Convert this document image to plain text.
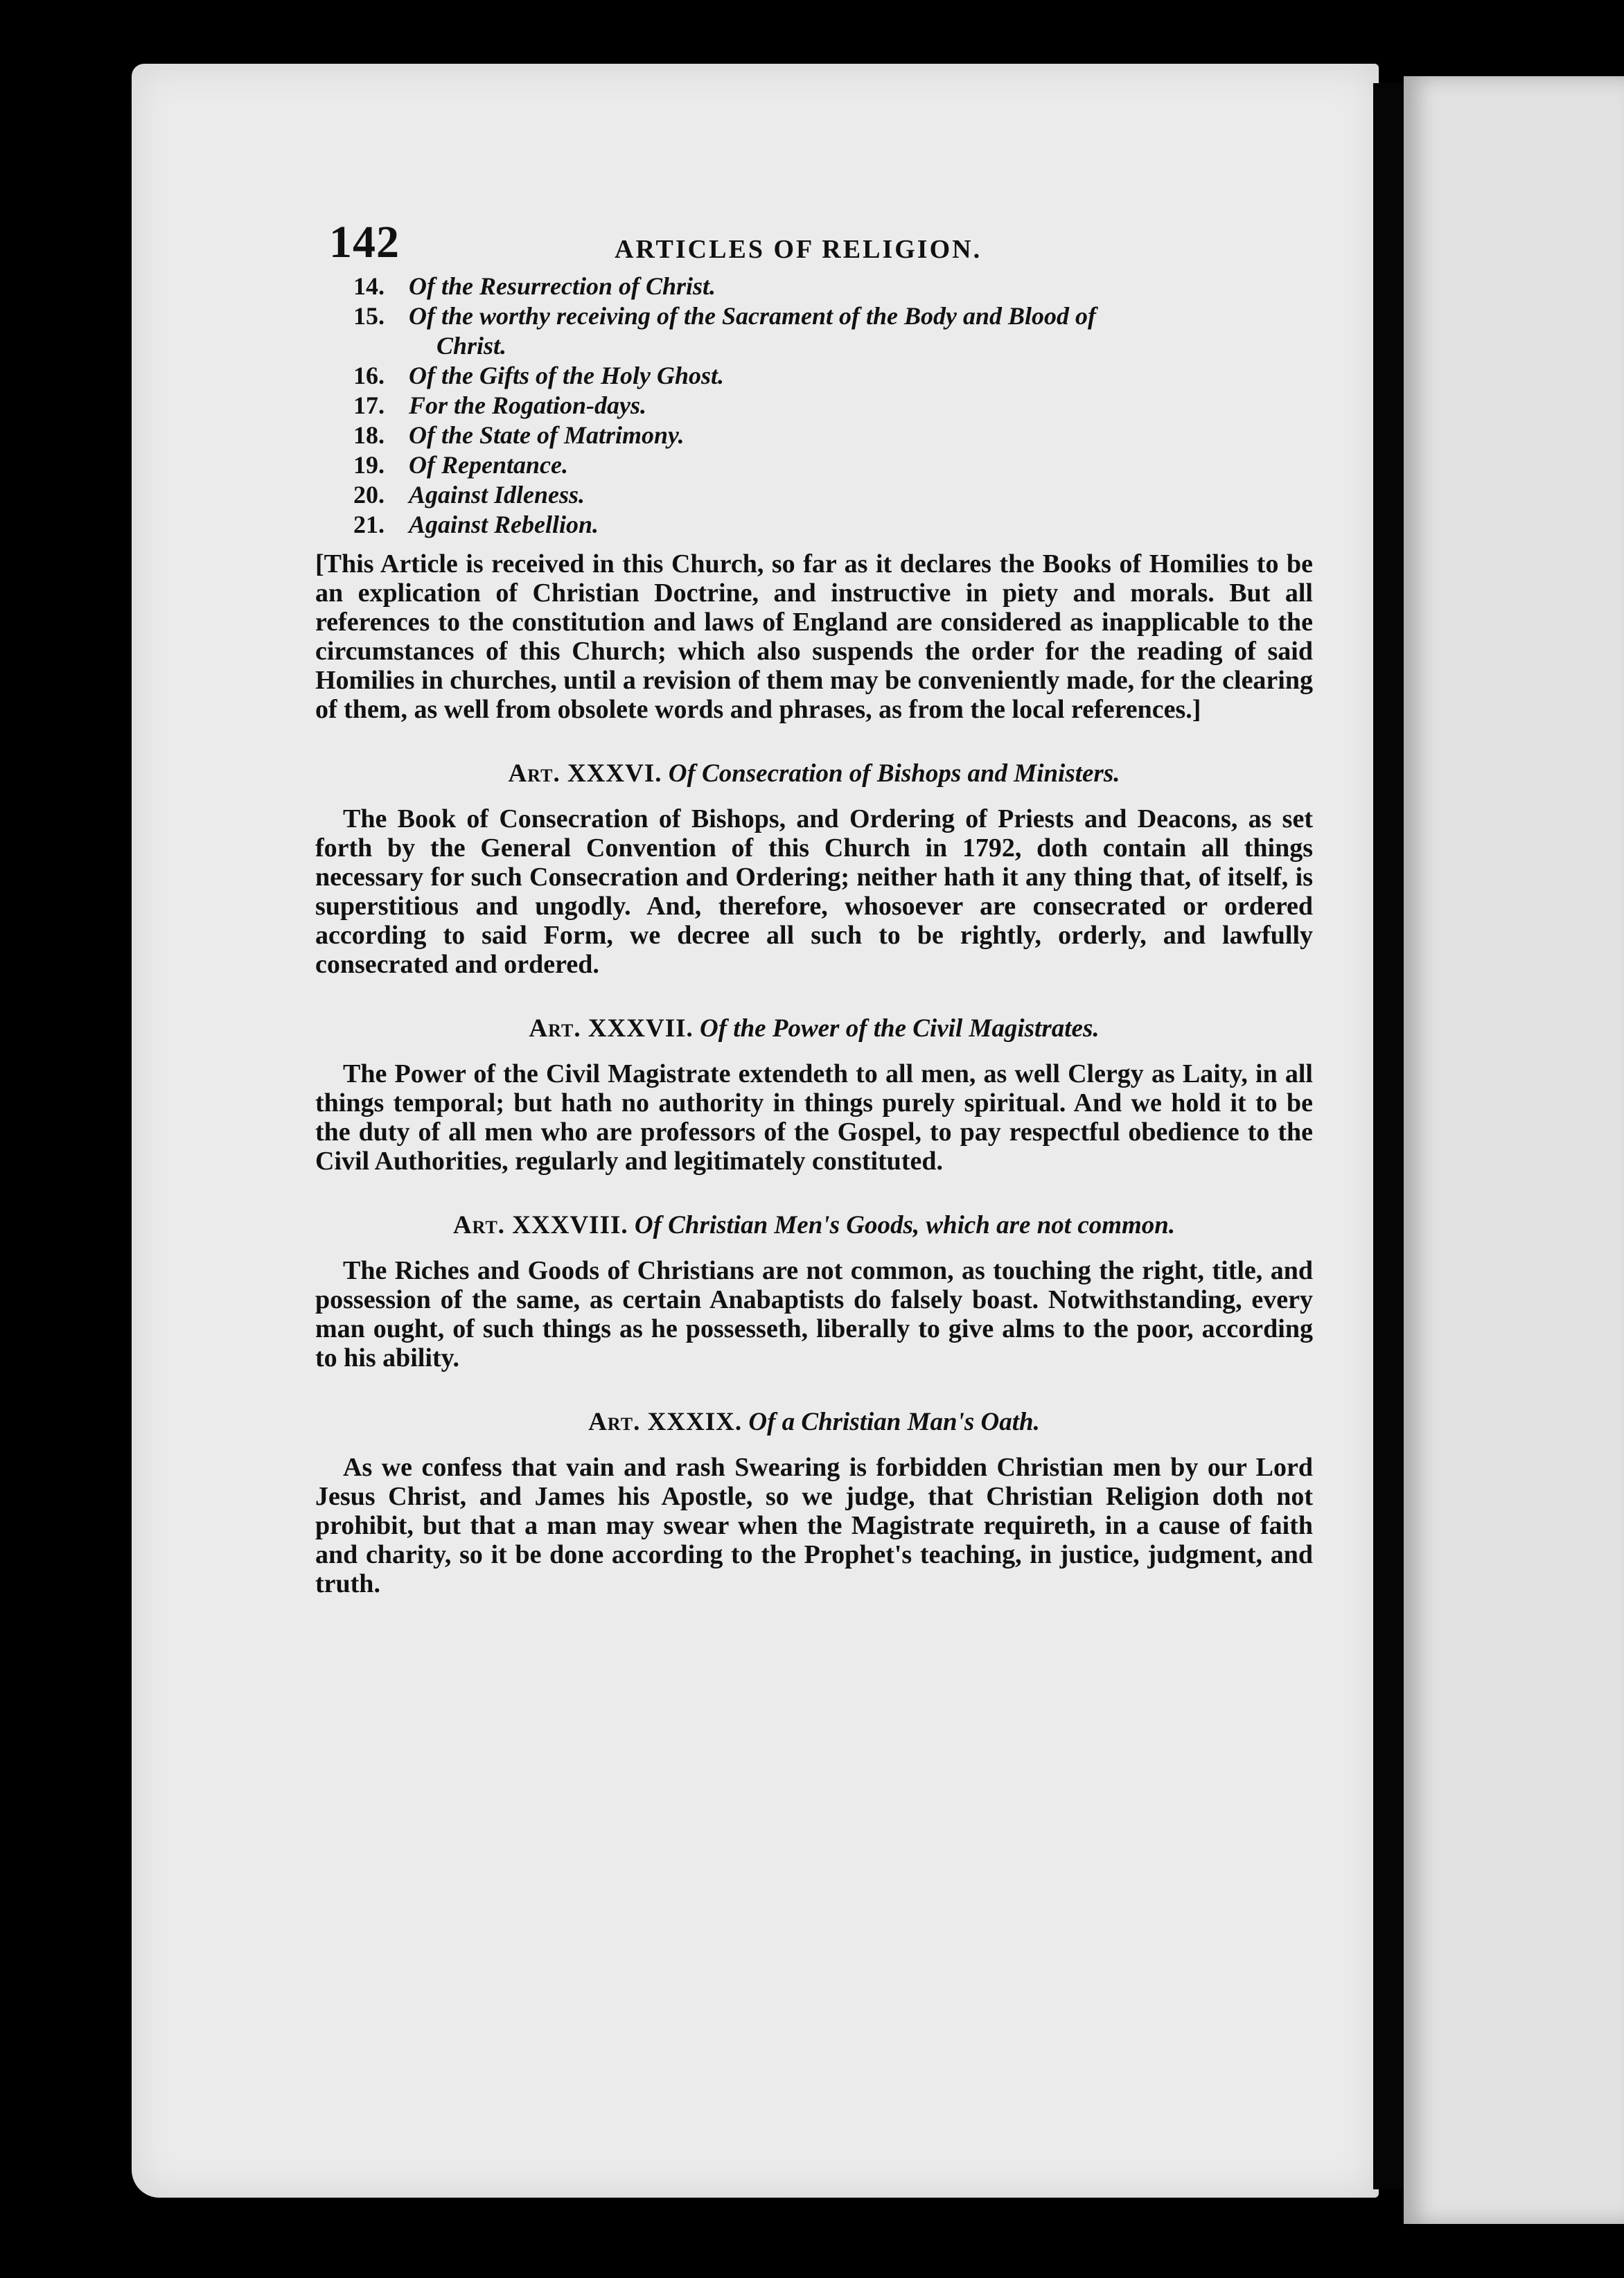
142	ARTICLES OF RELIGION.
14. Of the Resurrection of Christ.
15. Of the worthy receiving of the Sacrament of the Body and Blood of
Christ.
16. Of the Gifts of the Holy Ghost.
17. For the Rogation-days.
18. Of the State of Matrimony.
19. Of Repentance.
20. Against Idleness.
21. Against Rebellion.

[This Article is received in this Church, so far as it declares the Books of Homilies to be an explication of Christian Doctrine, and instructive in piety and morals. But all references to the constitution and laws of England are considered as inapplicable to the circumstances of this Church; which also suspends the order for the reading of said Homilies in churches, until a revision of them may be conveniently made, for the clearing of them, as well from obsolete words and phrases, as from the local references.]

Art. XXXVI. Of Consecration of Bishops and Ministers.

The Book of Consecration of Bishops, and Ordering of Priests and Deacons, as set forth by the General Convention of this Church in 1792, doth contain all things necessary for such Consecration and Ordering; neither hath it any thing that, of itself, is superstitious and ungodly. And, therefore, whosoever are consecrated or ordered according to said Form, we decree all such to be rightly, orderly, and lawfully consecrated and ordered.

Art. XXXVII. Of the Power of the Civil Magistrates.

The Power of the Civil Magistrate extendeth to all men, as well Clergy as Laity, in all things temporal; but hath no authority in things purely spiritual. And we hold it to be the duty of all men who are professors of the Gospel, to pay respectful obedience to the Civil Authorities, regularly and legitimately constituted.

Art. XXXVIII. Of Christian Men's Goods, which are not common.

The Riches and Goods of Christians are not common, as touching the right, title, and possession of the same, as certain Anabaptists do falsely boast. Notwithstanding, every man ought, of such things as he possesseth, liberally to give alms to the poor, according to his ability.

Art. XXXIX. Of a Christian Man's Oath.

As we confess that vain and rash Swearing is forbidden Christian men by our Lord Jesus Christ, and James his Apostle, so we judge, that Christian Religion doth not prohibit, but that a man may swear when the Magistrate requireth, in a cause of faith and charity, so it be done according to the Prophet's teaching, in justice, judgment, and truth.
